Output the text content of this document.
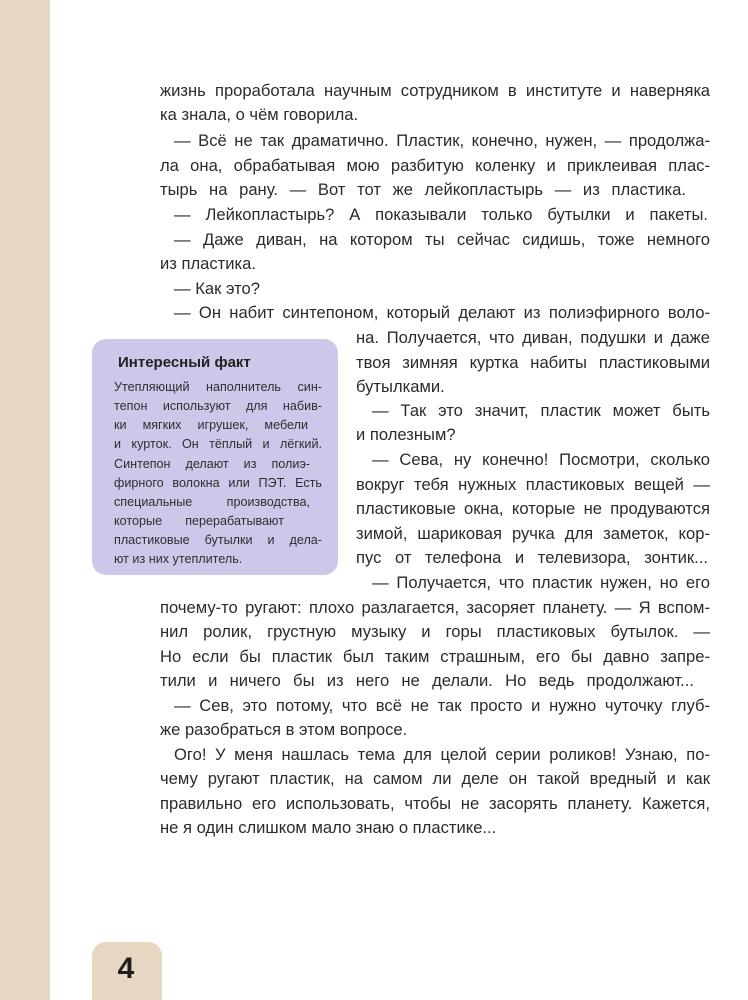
жизнь проработала научным сотрудником в институте и навернякa
ка знала, о чём говорила.
— Всё не так драматично. Пластик, конечно, нужен, — продолжа-
ла она, обрабатывая мою разбитую коленку и приклеивая плас-
тырь на рану. — Вот тот же лейкопластырь — из пластика.
— Лейкопластырь? А показывали только бутылки и пакеты.
— Даже диван, на котором ты сейчас сидишь, тоже немного
из пластика.
— Как это?
— Он набит синтепоном, который делают из полиэфирного воло-
на. Получается, что диван, подушки и даже
твоя зимняя куртка набиты пластиковыми
бутылками.
— Так это значит, пластик может быть
и полезным?
— Сева, ну конечно! Посмотри, сколько
вокруг тебя нужных пластиковых вещей —
пластиковые окна, которые не продуваются
зимой, шариковая ручка для заметок, кор-
пус от телефона и телевизора, зонтик...
— Получается, что пластик нужен, но его
почему-то ругают: плохо разлагается, засоряет планету. — Я вспом-
нил ролик, грустную музыку и горы пластиковых бутылок. —
Но если бы пластик был таким страшным, его бы давно запре-
тили и ничего бы из него не делали. Но ведь продолжают...
— Сев, это потому, что всё не так просто и нужно чуточку глуб-
же разобраться в этом вопросе.
Ого! У меня нашлась тема для целой серии роликов! Узнаю, по-
чему ругают пластик, на самом ли деле он такой вредный и как
правильно его использовать, чтобы не засорять планету. Кажется,
не я один слишком мало знаю о пластике...
Интересный факт
Утепляющий наполнитель син-
тепон используют для набив-
ки мягких игрушек, мебели
и курток. Он тёплый и лёгкий.
Синтепон делают из полиэ-
фирного волокна или ПЭТ. Есть
специальные производства,
которые перерабатывают
пластиковые бутылки и дела-
ют из них утеплитель.
4
